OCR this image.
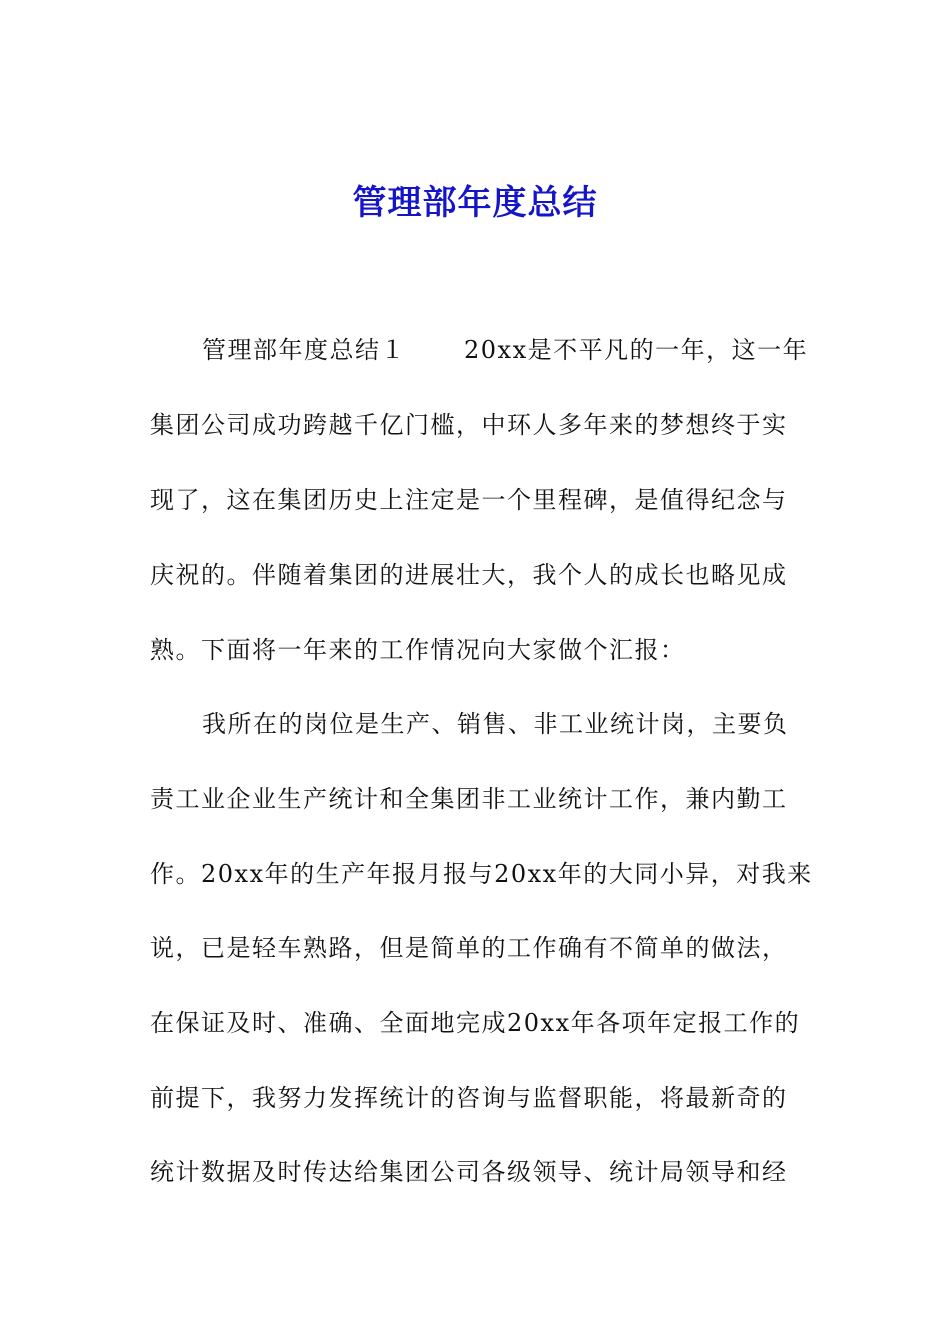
管理部年度总结
管理部年度总结１ 20xx是不平凡的一年，这一年
集团公司成功跨越千亿门槛，中环人多年来的梦想终于实
现了，这在集团历史上注定是一个里程碑，是值得纪念与
庆祝的。伴随着集团的进展壮大，我个人的成长也略见成
熟。下面将一年来的工作情况向大家做个汇报：
我所在的岗位是生产、销售、非工业统计岗，主要负
责工业企业生产统计和全集团非工业统计工作，兼内勤工
作。20xx年的生产年报月报与20xx年的大同小异，对我来
说，已是轻车熟路，但是简单的工作确有不简单的做法，
在保证及时、准确、全面地完成20xx年各项年定报工作的
前提下，我努力发挥统计的咨询与监督职能，将最新奇的
统计数据及时传达给集团公司各级领导、统计局领导和经
